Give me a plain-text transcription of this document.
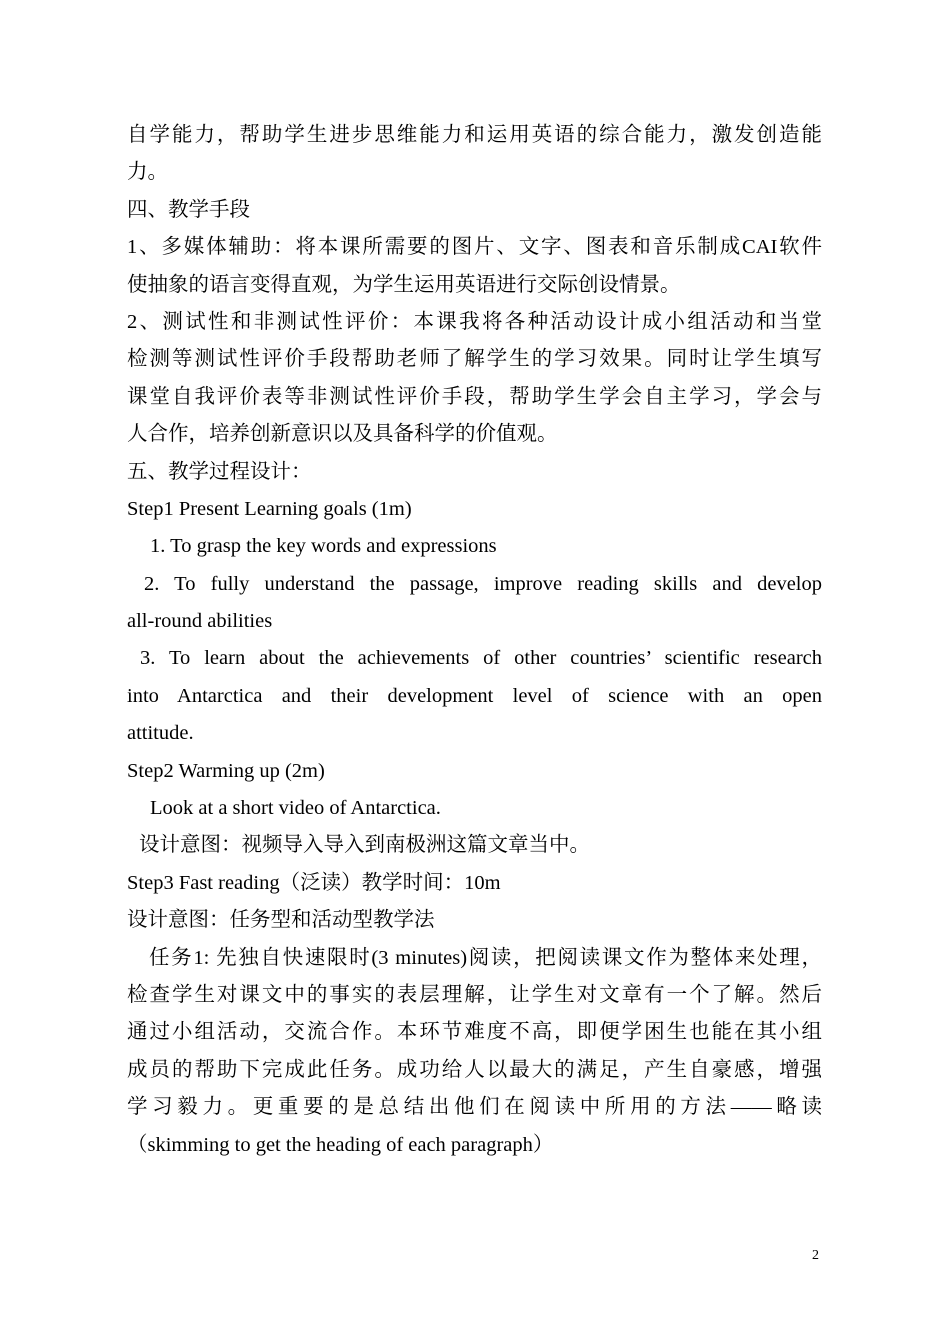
自学能力，帮助学生进步思维能力和运用英语的综合能力，激发创造能
力。
四、教学手段
1、多媒体辅助：将本课所需要的图片、文字、图表和音乐制成CAI软件
使抽象的语言变得直观，为学生运用英语进行交际创设情景。
2、测试性和非测试性评价：本课我将各种活动设计成小组活动和当堂
检测等测试性评价手段帮助老师了解学生的学习效果。同时让学生填写
课堂自我评价表等非测试性评价手段，帮助学生学会自主学习，学会与
人合作，培养创新意识以及具备科学的价值观。
五、教学过程设计：
Step1 Present Learning goals (1m)
1. To grasp the key words and expressions
2. To fully understand the passage, improve reading skills and develop
all-round abilities
3. To learn about the achievements of other countries’ scientific research
into Antarctica and their development level of science with an open
attitude.
Step2 Warming up (2m)
Look at a short video of Antarctica.
设计意图：视频导入导入到南极洲这篇文章当中。
Step3 Fast reading（泛读）教学时间：10m
设计意图：任务型和活动型教学法
任务1: 先独自快速限时(3 minutes)阅读，把阅读课文作为整体来处理，
检查学生对课文中的事实的表层理解，让学生对文章有一个了解。然后
通过小组活动，交流合作。本环节难度不高，即便学困生也能在其小组
成员的帮助下完成此任务。成功给人以最大的满足，产生自豪感，增强
学习毅力。更重要的是总结出他们在阅读中所用的方法——略读
（skimming to get the heading of each paragraph）
2
